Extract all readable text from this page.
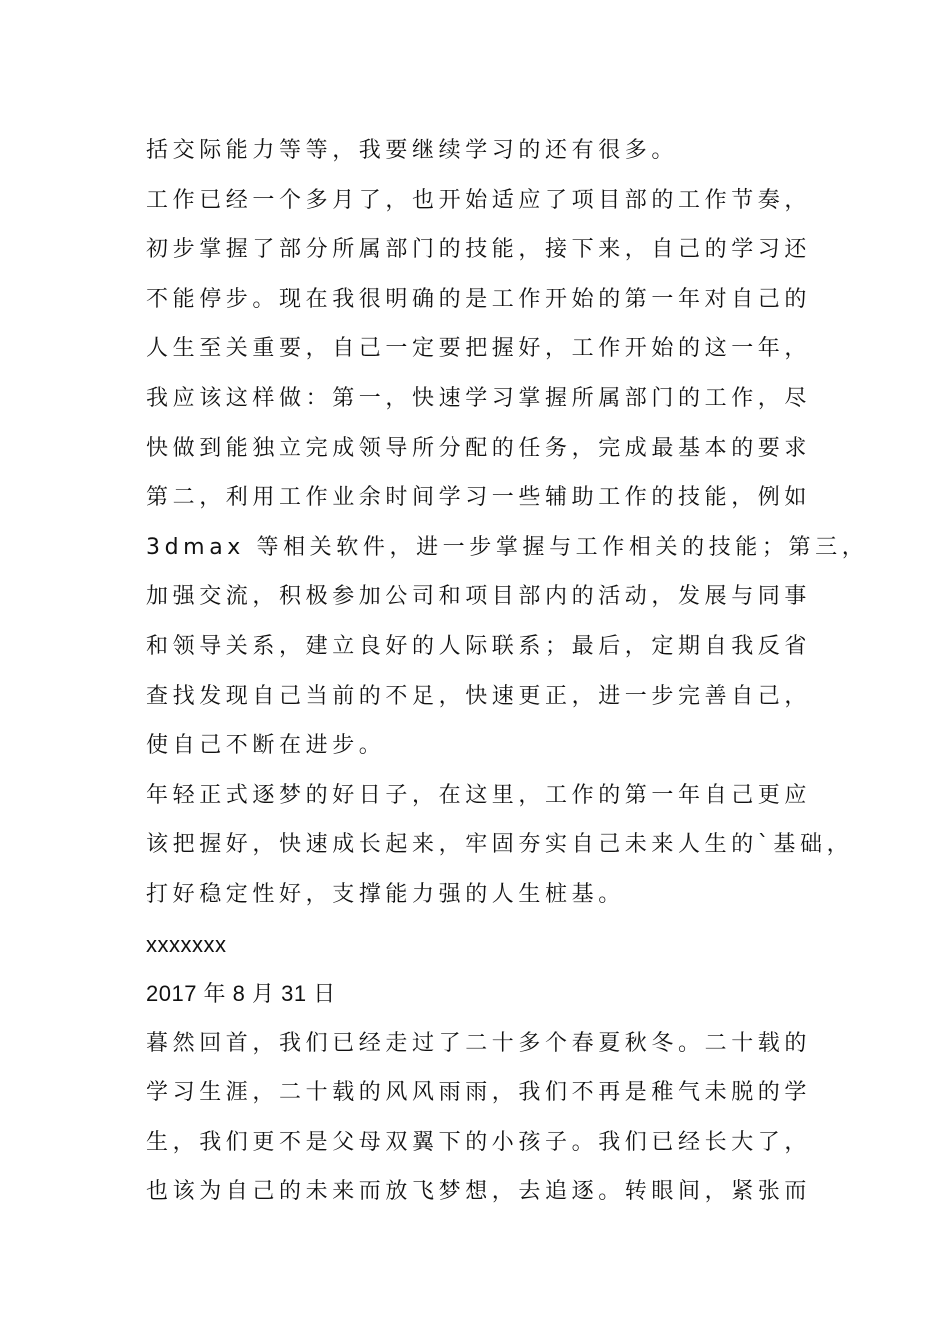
括交际能力等等，我要继续学习的还有很多。
工作已经一个多月了，也开始适应了项目部的工作节奏，
初步掌握了部分所属部门的技能，接下来，自己的学习还
不能停步。现在我很明确的是工作开始的第一年对自己的
人生至关重要，自己一定要把握好，工作开始的这一年，
我应该这样做：第一，快速学习掌握所属部门的工作，尽
快做到能独立完成领导所分配的任务，完成最基本的要求
第二，利用工作业余时间学习一些辅助工作的技能，例如
3dmax 等相关软件，进一步掌握与工作相关的技能；第三，
加强交流，积极参加公司和项目部内的活动，发展与同事
和领导关系，建立良好的人际联系；最后，定期自我反省
查找发现自己当前的不足，快速更正，进一步完善自己，
使自己不断在进步。
年轻正式逐梦的好日子，在这里，工作的第一年自己更应
该把握好，快速成长起来，牢固夯实自己未来人生的`基础，
打好稳定性好，支撑能力强的人生桩基。
xxxxxxx
2017 年 8 月 31 日
暮然回首，我们已经走过了二十多个春夏秋冬。二十载的
学习生涯，二十载的风风雨雨，我们不再是稚气未脱的学
生，我们更不是父母双翼下的小孩子。我们已经长大了，
也该为自己的未来而放飞梦想，去追逐。转眼间，紧张而
